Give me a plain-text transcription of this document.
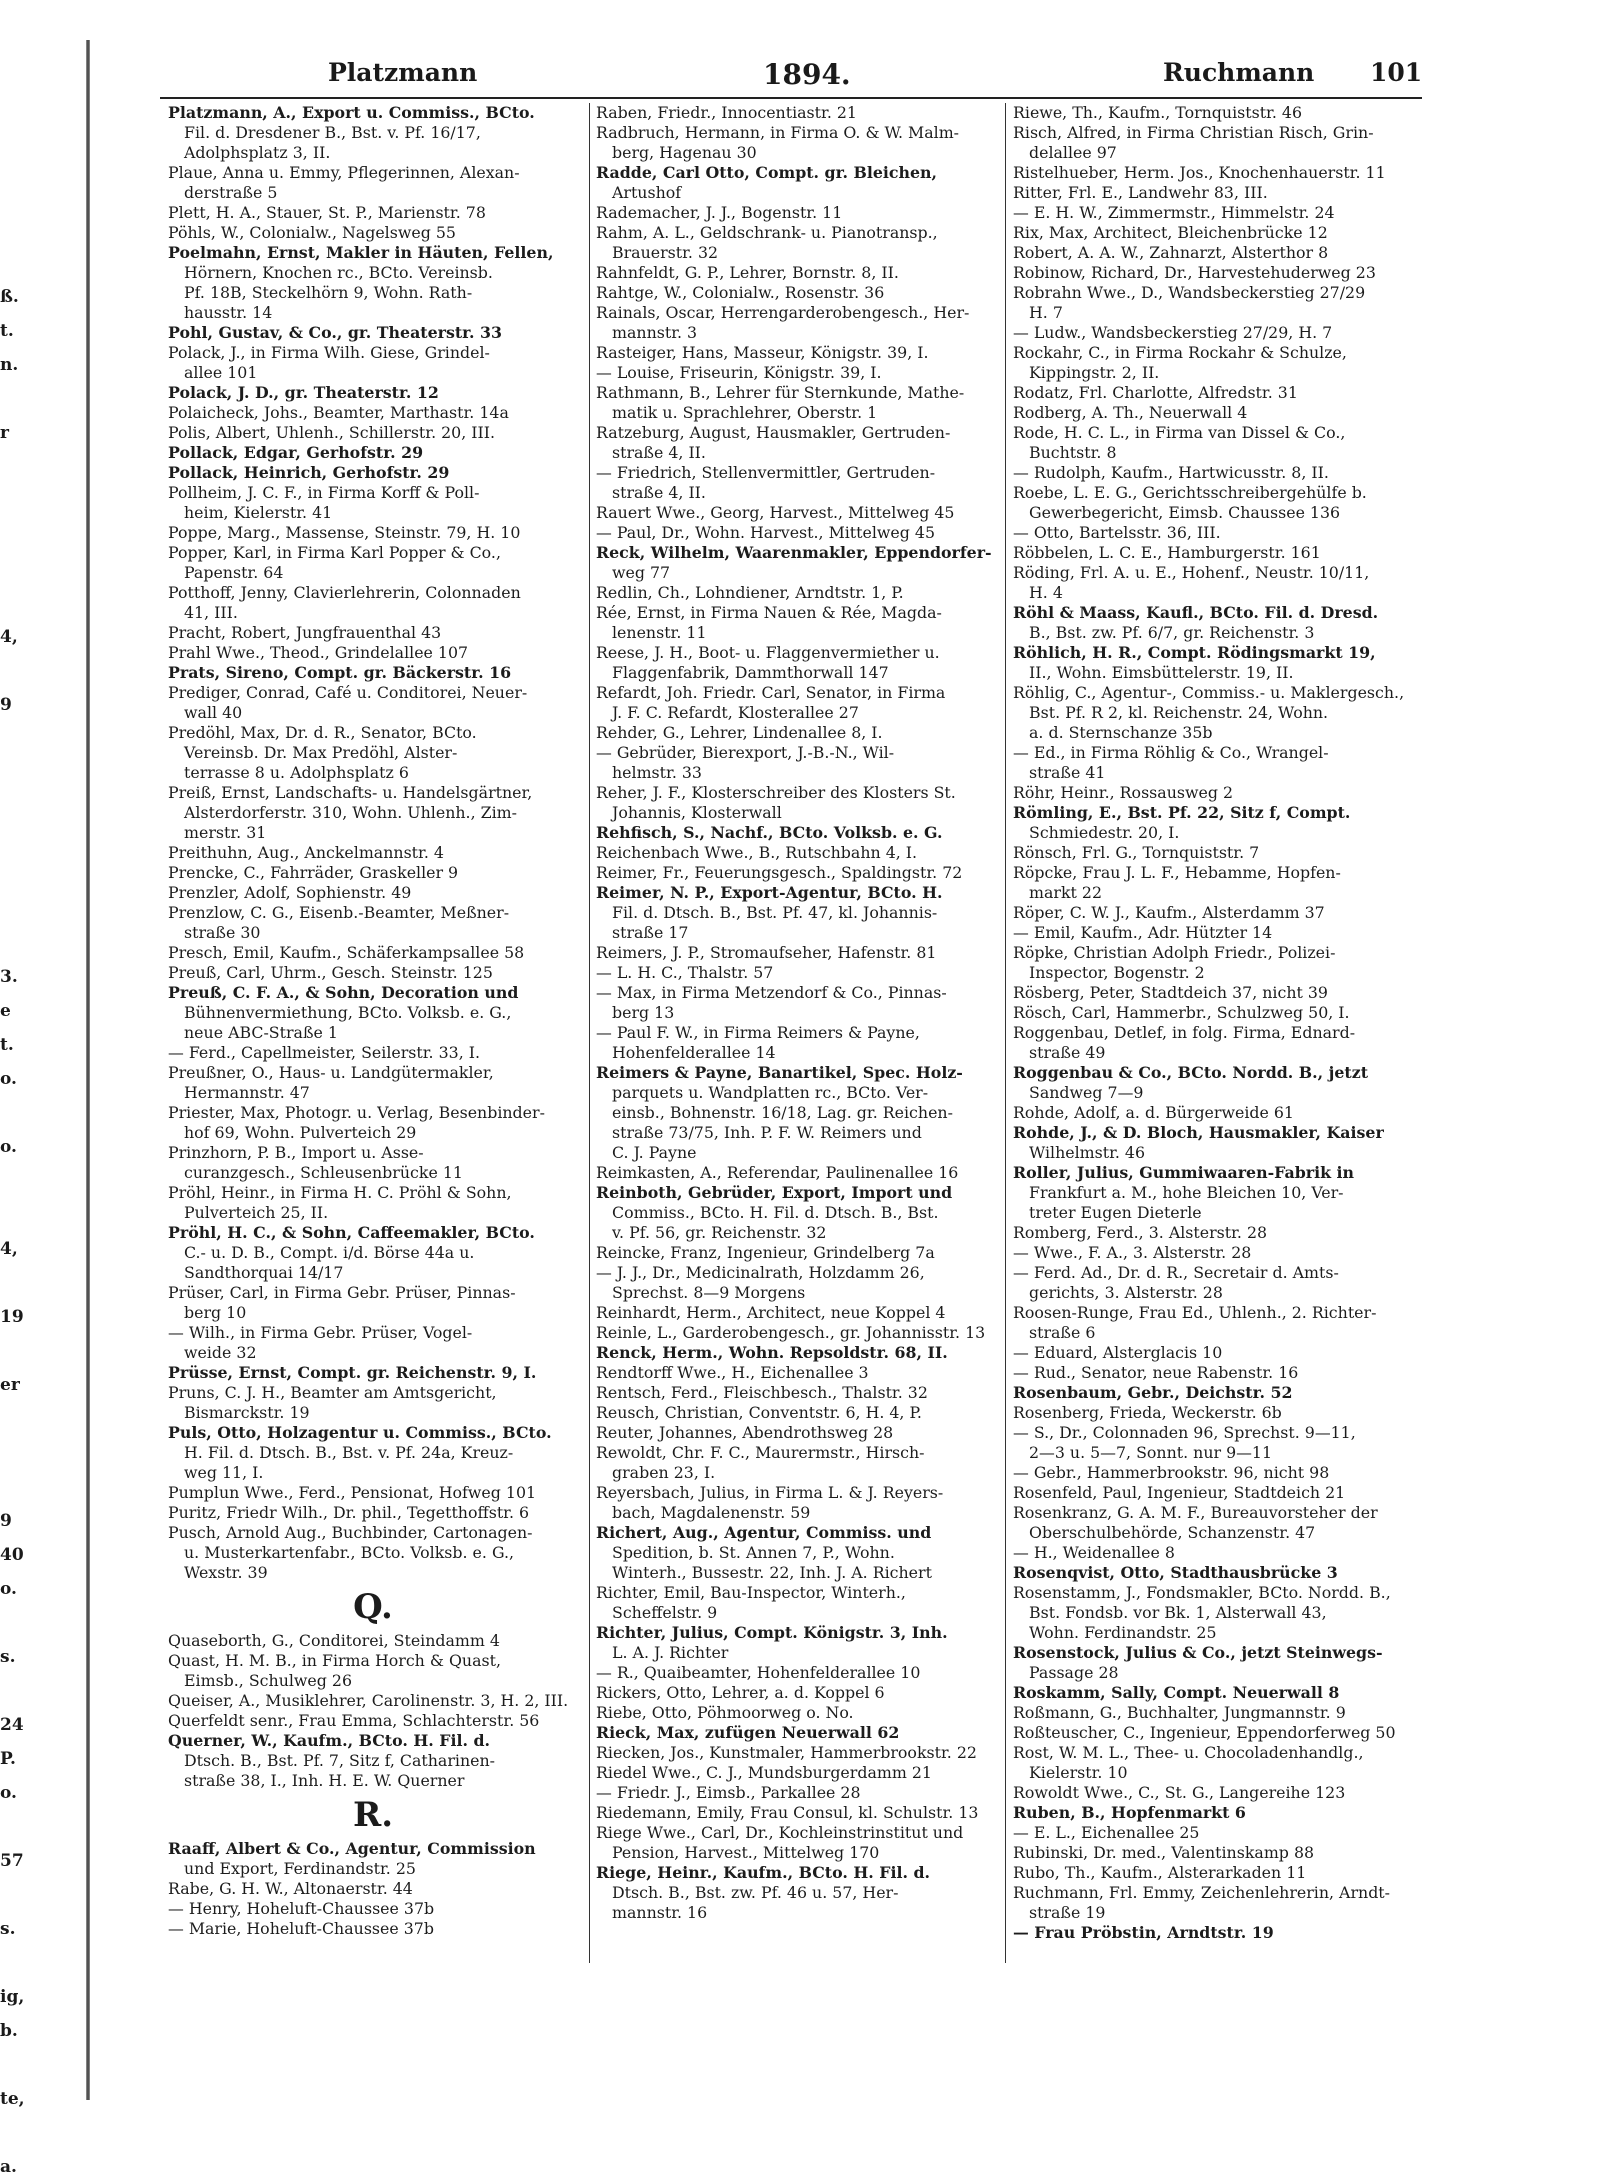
ß.
t.
n.
r
4,
9
3.
e
t.
o.
o.
4,
19
er
9
40
o.
s.
24
P.
o.
57
s.
ig,
b.
te,
a.
Platzmann	1894.	Ruchmann 101
Platzmann, A., Export u. Commiss., BCto.
Fil. d. Dresdener B., Bst. v. Pf. 16/17,
Adolphsplatz 3, II.
Plaue, Anna u. Emmy, Pflegerinnen, Alexan-
derstraße 5
Plett, H. A., Stauer, St. P., Marienstr. 78
Pöhls, W., Colonialw., Nagelsweg 55
Poelmahn, Ernst, Makler in Häuten, Fellen,
Hörnern, Knochen rc., BCto. Vereinsb.
Pf. 18B, Steckelhörn 9, Wohn. Rath-
hausstr. 14
Pohl, Gustav, & Co., gr. Theaterstr. 33
Polack, J., in Firma Wilh. Giese, Grindel-
allee 101
Polack, J. D., gr. Theaterstr. 12
Polaicheck, Johs., Beamter, Marthastr. 14a
Polis, Albert, Uhlenh., Schillerstr. 20, III.
Pollack, Edgar, Gerhofstr. 29
Pollack, Heinrich, Gerhofstr. 29
Pollheim, J. C. F., in Firma Korff & Poll-
heim, Kielerstr. 41
Poppe, Marg., Massense, Steinstr. 79, H. 10
Popper, Karl, in Firma Karl Popper & Co.,
Papenstr. 64
Potthoff, Jenny, Clavierlehrerin, Colonnaden
41, III.
Pracht, Robert, Jungfrauenthal 43
Prahl Wwe., Theod., Grindelallee 107
Prats, Sireno, Compt. gr. Bäckerstr. 16
Prediger, Conrad, Café u. Conditorei, Neuer-
wall 40
Predöhl, Max, Dr. d. R., Senator, BCto.
Vereinsb. Dr. Max Predöhl, Alster-
terrasse 8 u. Adolphsplatz 6
Preiß, Ernst, Landschafts- u. Handelsgärtner,
Alsterdorferstr. 310, Wohn. Uhlenh., Zim-
merstr. 31
Preithuhn, Aug., Anckelmannstr. 4
Prencke, C., Fahrräder, Graskeller 9
Prenzler, Adolf, Sophienstr. 49
Prenzlow, C. G., Eisenb.-Beamter, Meßner-
straße 30
Presch, Emil, Kaufm., Schäferkampsallee 58
Preuß, Carl, Uhrm., Gesch. Steinstr. 125
Preuß, C. F. A., & Sohn, Decoration und
Bühnenvermiethung, BCto. Volksb. e. G.,
neue ABC-Straße 1
— Ferd., Capellmeister, Seilerstr. 33, I.
Preußner, O., Haus- u. Landgütermakler,
Hermannstr. 47
Priester, Max, Photogr. u. Verlag, Besenbinder-
hof 69, Wohn. Pulverteich 29
Prinzhorn, P. B., Import u. Asse-
curanzgesch., Schleusenbrücke 11
Pröhl, Heinr., in Firma H. C. Pröhl & Sohn,
Pulverteich 25, II.
Pröhl, H. C., & Sohn, Caffeemakler, BCto.
C.- u. D. B., Compt. i/d. Börse 44a u.
Sandthorquai 14/17
Prüser, Carl, in Firma Gebr. Prüser, Pinnas-
berg 10
— Wilh., in Firma Gebr. Prüser, Vogel-
weide 32
Prüsse, Ernst, Compt. gr. Reichenstr. 9, I.
Pruns, C. J. H., Beamter am Amtsgericht,
Bismarckstr. 19
Puls, Otto, Holzagentur u. Commiss., BCto.
H. Fil. d. Dtsch. B., Bst. v. Pf. 24a, Kreuz-
weg 11, I.
Pumplun Wwe., Ferd., Pensionat, Hofweg 101
Puritz, Friedr Wilh., Dr. phil., Tegetthoffstr. 6
Pusch, Arnold Aug., Buchbinder, Cartonagen-
u. Musterkartenfabr., BCto. Volksb. e. G.,
Wexstr. 39
Q.
Quaseborth, G., Conditorei, Steindamm 4
Quast, H. M. B., in Firma Horch & Quast,
Eimsb., Schulweg 26
Queiser, A., Musiklehrer, Carolinenstr. 3, H. 2, III.
Querfeldt senr., Frau Emma, Schlachterstr. 56
Querner, W., Kaufm., BCto. H. Fil. d.
Dtsch. B., Bst. Pf. 7, Sitz f, Catharinen-
straße 38, I., Inh. H. E. W. Querner
R.
Raaff, Albert & Co., Agentur, Commission
und Export, Ferdinandstr. 25
Rabe, G. H. W., Altonaerstr. 44
— Henry, Hoheluft-Chaussee 37b
— Marie, Hoheluft-Chaussee 37b
Raben, Friedr., Innocentiastr. 21
Radbruch, Hermann, in Firma O. & W. Malm-
berg, Hagenau 30
Radde, Carl Otto, Compt. gr. Bleichen,
Artushof
Rademacher, J. J., Bogenstr. 11
Rahm, A. L., Geldschrank- u. Pianotransp.,
Brauerstr. 32
Rahnfeldt, G. P., Lehrer, Bornstr. 8, II.
Rahtge, W., Colonialw., Rosenstr. 36
Rainals, Oscar, Herrengarderobengesch., Her-
mannstr. 3
Rasteiger, Hans, Masseur, Königstr. 39, I.
— Louise, Friseurin, Königstr. 39, I.
Rathmann, B., Lehrer für Sternkunde, Mathe-
matik u. Sprachlehrer, Oberstr. 1
Ratzeburg, August, Hausmakler, Gertruden-
straße 4, II.
— Friedrich, Stellenvermittler, Gertruden-
straße 4, II.
Rauert Wwe., Georg, Harvest., Mittelweg 45
— Paul, Dr., Wohn. Harvest., Mittelweg 45
Reck, Wilhelm, Waarenmakler, Eppendorfer-
weg 77
Redlin, Ch., Lohndiener, Arndtstr. 1, P.
Rée, Ernst, in Firma Nauen & Rée, Magda-
lenenstr. 11
Reese, J. H., Boot- u. Flaggenvermiether u.
Flaggenfabrik, Dammthorwall 147
Refardt, Joh. Friedr. Carl, Senator, in Firma
J. F. C. Refardt, Klosterallee 27
Rehder, G., Lehrer, Lindenallee 8, I.
— Gebrüder, Bierexport, J.-B.-N., Wil-
helmstr. 33
Reher, J. F., Klosterschreiber des Klosters St.
Johannis, Klosterwall
Rehfisch, S., Nachf., BCto. Volksb. e. G.
Reichenbach Wwe., B., Rutschbahn 4, I.
Reimer, Fr., Feuerungsgesch., Spaldingstr. 72
Reimer, N. P., Export-Agentur, BCto. H.
Fil. d. Dtsch. B., Bst. Pf. 47, kl. Johannis-
straße 17
Reimers, J. P., Stromaufseher, Hafenstr. 81
— L. H. C., Thalstr. 57
— Max, in Firma Metzendorf & Co., Pinnas-
berg 13
— Paul F. W., in Firma Reimers & Payne,
Hohenfelderallee 14
Reimers & Payne, Banartikel, Spec. Holz-
parquets u. Wandplatten rc., BCto. Ver-
einsb., Bohnenstr. 16/18, Lag. gr. Reichen-
straße 73/75, Inh. P. F. W. Reimers und
C. J. Payne
Reimkasten, A., Referendar, Paulinenallee 16
Reinboth, Gebrüder, Export, Import und
Commiss., BCto. H. Fil. d. Dtsch. B., Bst.
v. Pf. 56, gr. Reichenstr. 32
Reincke, Franz, Ingenieur, Grindelberg 7a
— J. J., Dr., Medicinalrath, Holzdamm 26,
Sprechst. 8—9 Morgens
Reinhardt, Herm., Architect, neue Koppel 4
Reinle, L., Garderobengesch., gr. Johannisstr. 13
Renck, Herm., Wohn. Repsoldstr. 68, II.
Rendtorff Wwe., H., Eichenallee 3
Rentsch, Ferd., Fleischbesch., Thalstr. 32
Reusch, Christian, Conventstr. 6, H. 4, P.
Reuter, Johannes, Abendrothsweg 28
Rewoldt, Chr. F. C., Maurermstr., Hirsch-
graben 23, I.
Reyersbach, Julius, in Firma L. & J. Reyers-
bach, Magdalenenstr. 59
Richert, Aug., Agentur, Commiss. und
Spedition, b. St. Annen 7, P., Wohn.
Winterh., Bussestr. 22, Inh. J. A. Richert
Richter, Emil, Bau-Inspector, Winterh.,
Scheffelstr. 9
Richter, Julius, Compt. Königstr. 3, Inh.
L. A. J. Richter
— R., Quaibeamter, Hohenfelderallee 10
Rickers, Otto, Lehrer, a. d. Koppel 6
Riebe, Otto, Pöhmoorweg o. No.
Rieck, Max, zufügen Neuerwall 62
Riecken, Jos., Kunstmaler, Hammerbrookstr. 22
Riedel Wwe., C. J., Mundsburgerdamm 21
— Friedr. J., Eimsb., Parkallee 28
Riedemann, Emily, Frau Consul, kl. Schulstr. 13
Riege Wwe., Carl, Dr., Kochleinstrinstitut und
Pension, Harvest., Mittelweg 170
Riege, Heinr., Kaufm., BCto. H. Fil. d.
Dtsch. B., Bst. zw. Pf. 46 u. 57, Her-
mannstr. 16
Riewe, Th., Kaufm., Tornquiststr. 46
Risch, Alfred, in Firma Christian Risch, Grin-
delallee 97
Ristelhueber, Herm. Jos., Knochenhauerstr. 11
Ritter, Frl. E., Landwehr 83, III.
— E. H. W., Zimmermstr., Himmelstr. 24
Rix, Max, Architect, Bleichenbrücke 12
Robert, A. A. W., Zahnarzt, Alsterthor 8
Robinow, Richard, Dr., Harvestehuderweg 23
Robrahn Wwe., D., Wandsbeckerstieg 27/29
H. 7
— Ludw., Wandsbeckerstieg 27/29, H. 7
Rockahr, C., in Firma Rockahr & Schulze,
Kippingstr. 2, II.
Rodatz, Frl. Charlotte, Alfredstr. 31
Rodberg, A. Th., Neuerwall 4
Rode, H. C. L., in Firma van Dissel & Co.,
Buchtstr. 8
— Rudolph, Kaufm., Hartwicusstr. 8, II.
Roebe, L. E. G., Gerichtsschreibergehülfe b.
Gewerbegericht, Eimsb. Chaussee 136
— Otto, Bartelsstr. 36, III.
Röbbelen, L. C. E., Hamburgerstr. 161
Röding, Frl. A. u. E., Hohenf., Neustr. 10/11,
H. 4
Röhl & Maass, Kaufl., BCto. Fil. d. Dresd.
B., Bst. zw. Pf. 6/7, gr. Reichenstr. 3
Röhlich, H. R., Compt. Rödingsmarkt 19,
II., Wohn. Eimsbüttelerstr. 19, II.
Röhlig, C., Agentur-, Commiss.- u. Maklergesch.,
Bst. Pf. R 2, kl. Reichenstr. 24, Wohn.
a. d. Sternschanze 35b
— Ed., in Firma Röhlig & Co., Wrangel-
straße 41
Röhr, Heinr., Rossausweg 2
Römling, E., Bst. Pf. 22, Sitz f, Compt.
Schmiedestr. 20, I.
Rönsch, Frl. G., Tornquiststr. 7
Röpcke, Frau J. L. F., Hebamme, Hopfen-
markt 22
Röper, C. W. J., Kaufm., Alsterdamm 37
— Emil, Kaufm., Adr. Hützter 14
Röpke, Christian Adolph Friedr., Polizei-
Inspector, Bogenstr. 2
Rösberg, Peter, Stadtdeich 37, nicht 39
Rösch, Carl, Hammerbr., Schulzweg 50, I.
Roggenbau, Detlef, in folg. Firma, Ednard-
straße 49
Roggenbau & Co., BCto. Nordd. B., jetzt
Sandweg 7—9
Rohde, Adolf, a. d. Bürgerweide 61
Rohde, J., & D. Bloch, Hausmakler, Kaiser
Wilhelmstr. 46
Roller, Julius, Gummiwaaren-Fabrik in
Frankfurt a. M., hohe Bleichen 10, Ver-
treter Eugen Dieterle
Romberg, Ferd., 3. Alsterstr. 28
— Wwe., F. A., 3. Alsterstr. 28
— Ferd. Ad., Dr. d. R., Secretair d. Amts-
gerichts, 3. Alsterstr. 28
Roosen-Runge, Frau Ed., Uhlenh., 2. Richter-
straße 6
— Eduard, Alsterglacis 10
— Rud., Senator, neue Rabenstr. 16
Rosenbaum, Gebr., Deichstr. 52
Rosenberg, Frieda, Weckerstr. 6b
— S., Dr., Colonnaden 96, Sprechst. 9—11,
2—3 u. 5—7, Sonnt. nur 9—11
— Gebr., Hammerbrookstr. 96, nicht 98
Rosenfeld, Paul, Ingenieur, Stadtdeich 21
Rosenkranz, G. A. M. F., Bureauvorsteher der
Oberschulbehörde, Schanzenstr. 47
— H., Weidenallee 8
Rosenqvist, Otto, Stadthausbrücke 3
Rosenstamm, J., Fondsmakler, BCto. Nordd. B.,
Bst. Fondsb. vor Bk. 1, Alsterwall 43,
Wohn. Ferdinandstr. 25
Rosenstock, Julius & Co., jetzt Steinwegs-
Passage 28
Roskamm, Sally, Compt. Neuerwall 8
Roßmann, G., Buchhalter, Jungmannstr. 9
Roßteuscher, C., Ingenieur, Eppendorferweg 50
Rost, W. M. L., Thee- u. Chocoladenhandlg.,
Kielerstr. 10
Rowoldt Wwe., C., St. G., Langereihe 123
Ruben, B., Hopfenmarkt 6
— E. L., Eichenallee 25
Rubinski, Dr. med., Valentinskamp 88
Rubo, Th., Kaufm., Alsterarkaden 11
Ruchmann, Frl. Emmy, Zeichenlehrerin, Arndt-
straße 19
— Frau Pröbstin, Arndtstr. 19
